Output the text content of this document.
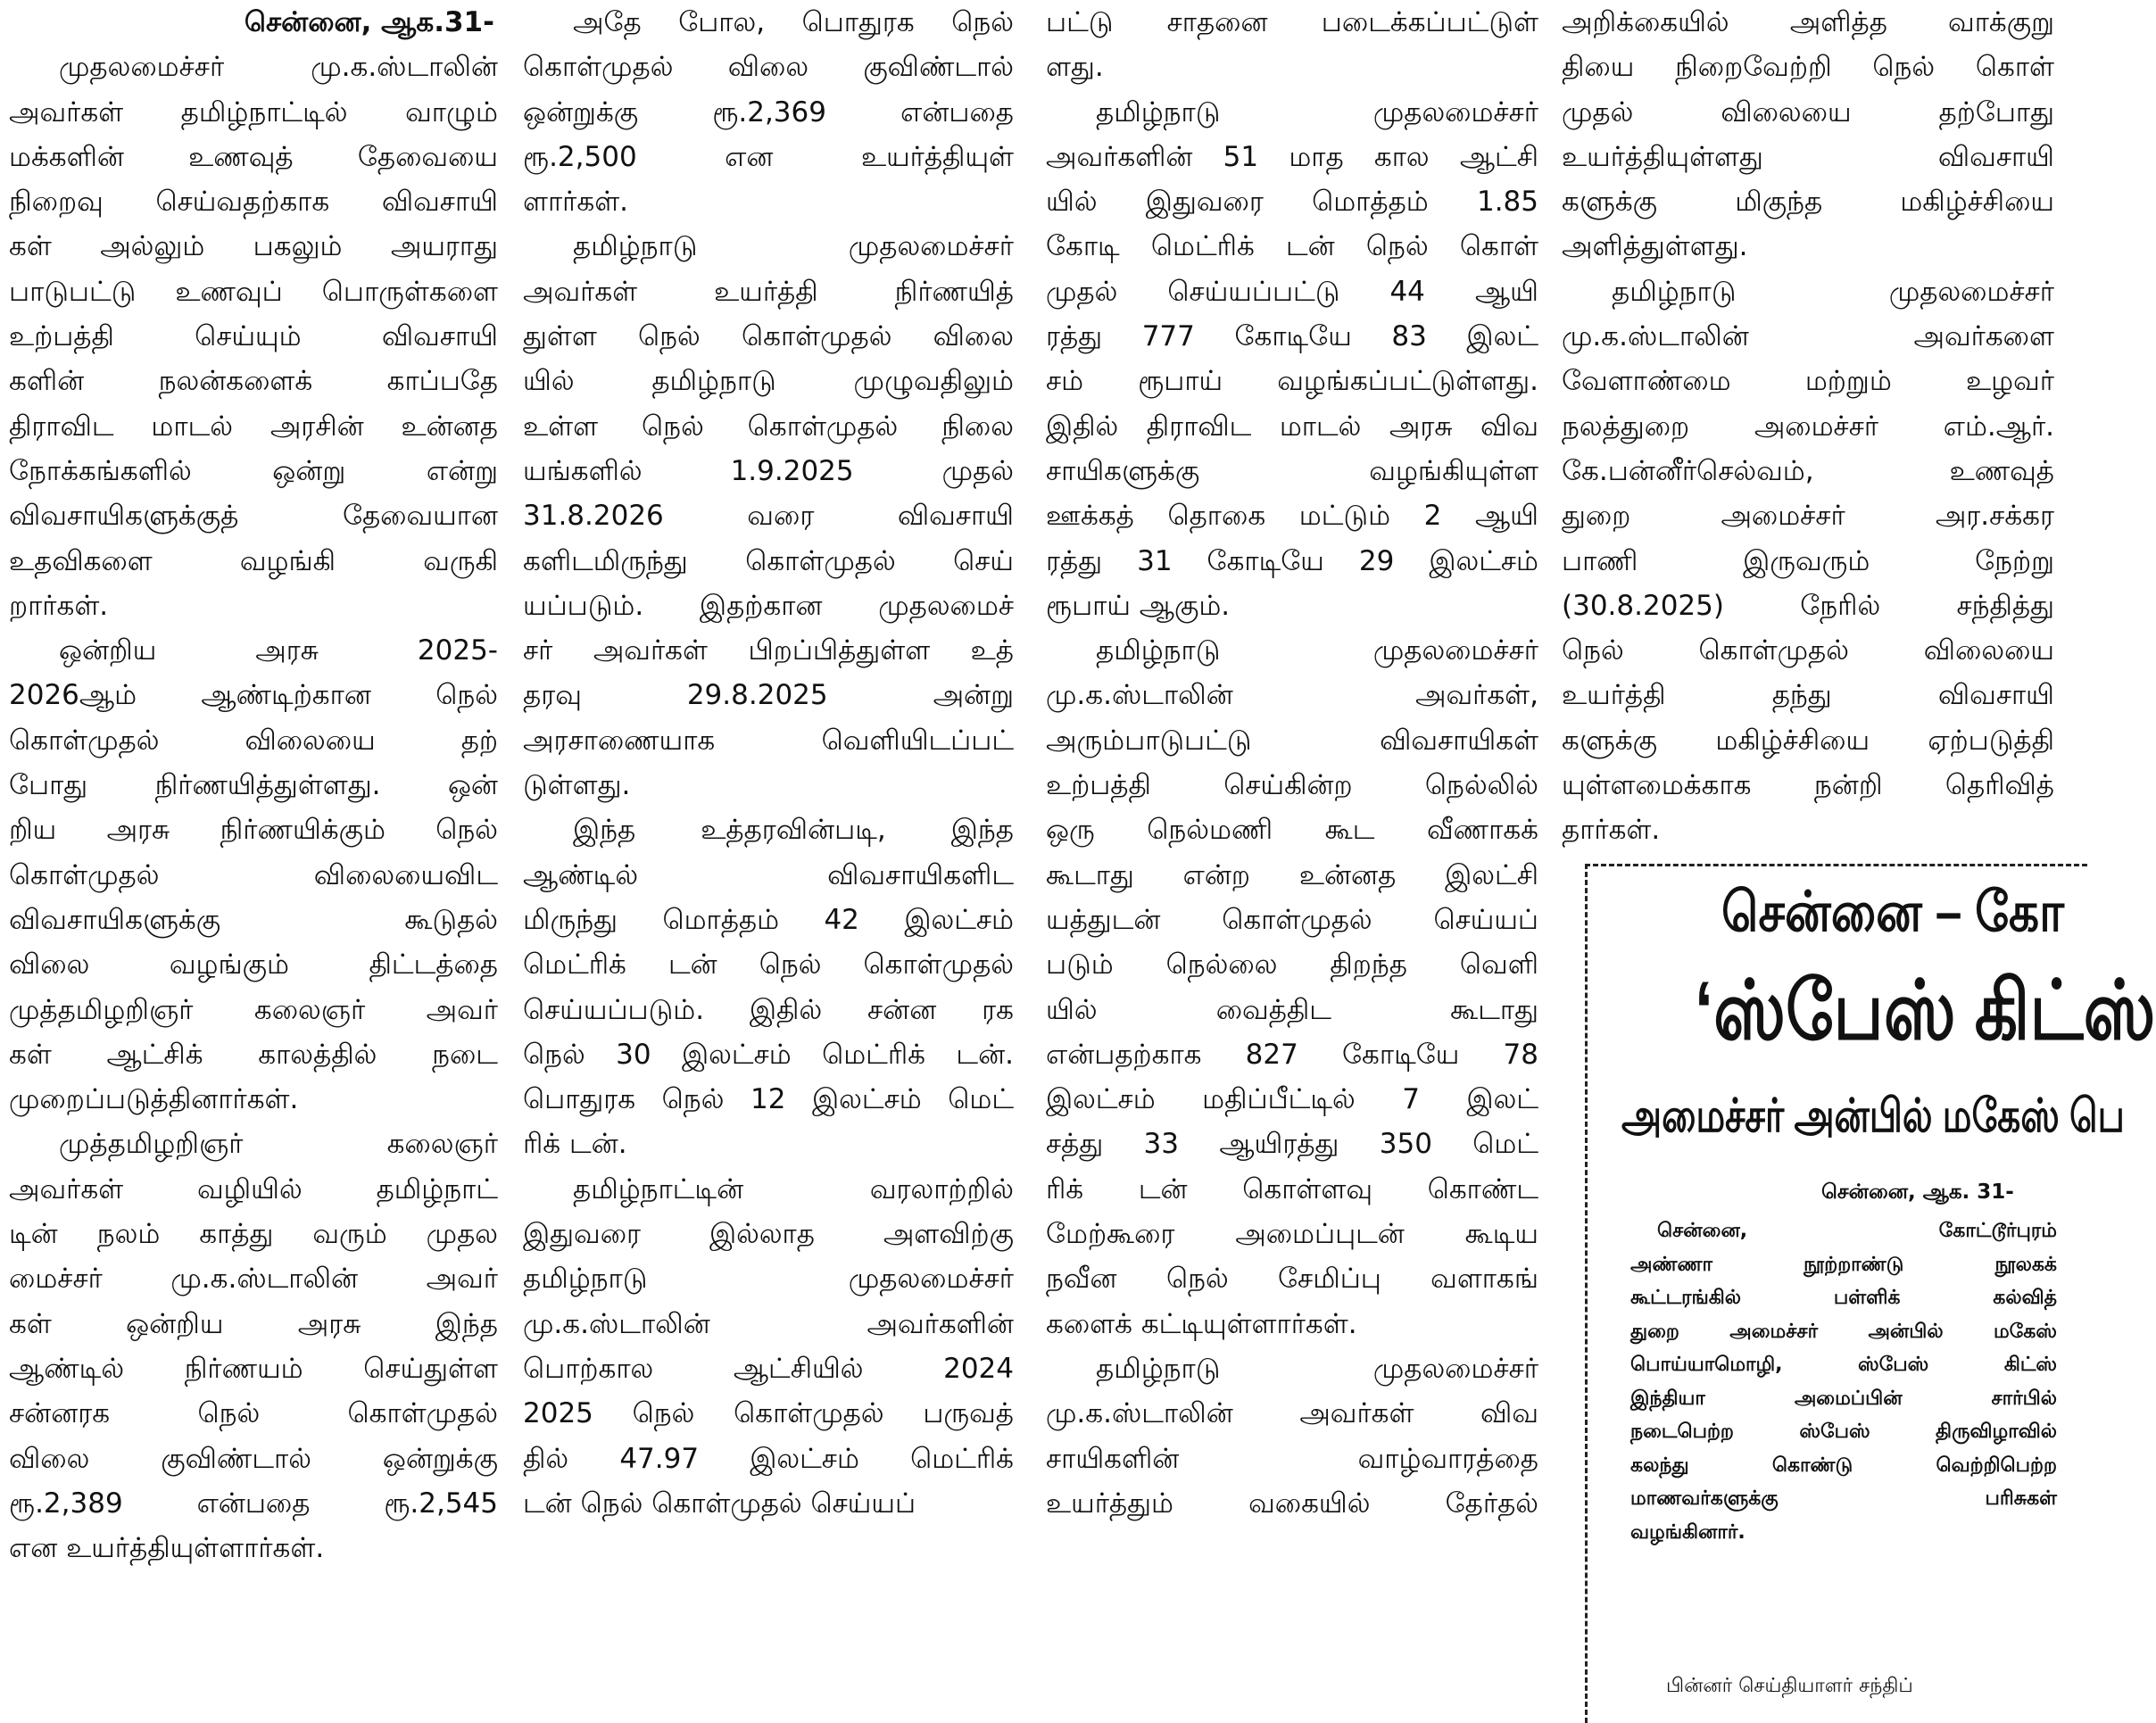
சென்னை, ஆக.31-

முதலமைச்சர் மு.க.ஸ்டாலின்
அவர்கள் தமிழ்நாட்டில் வாழும்
மக்களின் உணவுத் தேவையை
நிறைவு செய்வதற்காக விவசாயி
கள் அல்லும் பகலும் அயராது
பாடுபட்டு உணவுப் பொருள்களை
உற்பத்தி செய்யும் விவசாயி
களின் நலன்களைக் காப்பதே
திராவிட மாடல் அரசின் உன்னத
நோக்கங்களில் ஒன்று என்று
விவசாயிகளுக்குத் தேவையான
உதவிகளை வழங்கி வருகி
றார்கள்.
ஒன்றிய அரசு 2025-
2026ஆம் ஆண்டிற்கான நெல்
கொள்முதல் விலையை தற்
போது நிர்ணயித்துள்ளது. ஒன்
றிய அரசு நிர்ணயிக்கும் நெல்
கொள்முதல் விலையைவிட
விவசாயிகளுக்கு கூடுதல்
விலை வழங்கும் திட்டத்தை
முத்தமிழறிஞர் கலைஞர் அவர்
கள் ஆட்சிக் காலத்தில் நடை
முறைப்படுத்தினார்கள்.
முத்தமிழறிஞர் கலைஞர்
அவர்கள் வழியில் தமிழ்நாட்
டின் நலம் காத்து வரும் முதல
மைச்சர் மு.க.ஸ்டாலின் அவர்
கள் ஒன்றிய அரசு இந்த
ஆண்டில் நிர்ணயம் செய்துள்ள
சன்னரக நெல் கொள்முதல்
விலை குவிண்டால் ஒன்றுக்கு
ரூ.2,389 என்பதை ரூ.2,545
என உயர்த்தியுள்ளார்கள்.
அதே போல, பொதுரக நெல்
கொள்முதல் விலை குவிண்டால்
ஒன்றுக்கு ரூ.2,369 என்பதை
ரூ.2,500 என உயர்த்தியுள்
ளார்கள்.
தமிழ்நாடு முதலமைச்சர்
அவர்கள் உயர்த்தி நிர்ணயித்
துள்ள நெல் கொள்முதல் விலை
யில் தமிழ்நாடு முழுவதிலும்
உள்ள நெல் கொள்முதல் நிலை
யங்களில் 1.9.2025 முதல்
31.8.2026 வரை விவசாயி
களிடமிருந்து கொள்முதல் செய்
யப்படும். இதற்கான முதலமைச்
சர் அவர்கள் பிறப்பித்துள்ள உத்
தரவு 29.8.2025 அன்று
அரசாணையாக வெளியிடப்பட்
டுள்ளது.
இந்த உத்தரவின்படி, இந்த
ஆண்டில் விவசாயிகளிட
மிருந்து மொத்தம் 42 இலட்சம்
மெட்ரிக் டன் நெல் கொள்முதல்
செய்யப்படும். இதில் சன்ன ரக
நெல் 30 இலட்சம் மெட்ரிக் டன்.
பொதுரக நெல் 12 இலட்சம் மெட்
ரிக் டன்.
தமிழ்நாட்டின் வரலாற்றில்
இதுவரை இல்லாத அளவிற்கு
தமிழ்நாடு முதலமைச்சர்
மு.க.ஸ்டாலின் அவர்களின்
பொற்கால ஆட்சியில் 2024
2025 நெல் கொள்முதல் பருவத்
தில் 47.97 இலட்சம் மெட்ரிக்
டன் நெல் கொள்முதல் செய்யப்
பட்டு சாதனை படைக்கப்பட்டுள்
ளது.
தமிழ்நாடு முதலமைச்சர்
அவர்களின் 51 மாத கால ஆட்சி
யில் இதுவரை மொத்தம் 1.85
கோடி மெட்ரிக் டன் நெல் கொள்
முதல் செய்யப்பட்டு 44 ஆயி
ரத்து 777 கோடியே 83 இலட்
சம் ரூபாய் வழங்கப்பட்டுள்ளது.
இதில் திராவிட மாடல் அரசு விவ
சாயிகளுக்கு வழங்கியுள்ள
ஊக்கத் தொகை மட்டும் 2 ஆயி
ரத்து 31 கோடியே 29 இலட்சம்
ரூபாய் ஆகும்.
தமிழ்நாடு முதலமைச்சர்
மு.க.ஸ்டாலின் அவர்கள்,
அரும்பாடுபட்டு விவசாயிகள்
உற்பத்தி செய்கின்ற நெல்லில்
ஒரு நெல்மணி கூட வீணாகக்
கூடாது என்ற உன்னத இலட்சி
யத்துடன் கொள்முதல் செய்யப்
படும் நெல்லை திறந்த வெளி
யில் வைத்திட கூடாது
என்பதற்காக 827 கோடியே 78
இலட்சம் மதிப்பீட்டில் 7 இலட்
சத்து 33 ஆயிரத்து 350 மெட்
ரிக் டன் கொள்ளவு கொண்ட
மேற்கூரை அமைப்புடன் கூடிய
நவீன நெல் சேமிப்பு வளாகங்
களைக் கட்டியுள்ளார்கள்.
தமிழ்நாடு முதலமைச்சர்
மு.க.ஸ்டாலின் அவர்கள் விவ
சாயிகளின் வாழ்வாரத்தை
உயர்த்தும் வகையில் தேர்தல்
அறிக்கையில் அளித்த வாக்குறு
தியை நிறைவேற்றி நெல் கொள்
முதல் விலையை தற்போது
உயர்த்தியுள்ளது விவசாயி
களுக்கு மிகுந்த மகிழ்ச்சியை
அளித்துள்ளது.
தமிழ்நாடு முதலமைச்சர்
மு.க.ஸ்டாலின் அவர்களை
வேளாண்மை மற்றும் உழவர்
நலத்துறை அமைச்சர் எம்.ஆர்.
கே.பன்னீர்செல்வம், உணவுத்
துறை அமைச்சர் அர.சக்கர
பாணி இருவரும் நேற்று
(30.8.2025) நேரில் சந்தித்து
நெல் கொள்முதல் விலையை
உயர்த்தி தந்து விவசாயி
களுக்கு மகிழ்ச்சியை ஏற்படுத்தி
யுள்ளமைக்காக நன்றி தெரிவித்
தார்கள்.
சென்னை – கோ
‘ஸ்பேஸ் கிட்ஸ்
அமைச்சர் அன்பில் மகேஸ் பெ
சென்னை, ஆக. 31-
சென்னை, கோட்டூர்புரம்
அண்ணா நூற்றாண்டு நூலகக்
கூட்டரங்கில் பள்ளிக் கல்வித்
துறை அமைச்சர் அன்பில் மகேஸ்
பொய்யாமொழி, ஸ்பேஸ் கிட்ஸ்
இந்தியா அமைப்பின் சார்பில்
நடைபெற்ற ஸ்பேஸ் திருவிழாவில்
கலந்து கொண்டு வெற்றிபெற்ற
மாணவர்களுக்கு பரிசுகள்
வழங்கினார்.
பின்னர் செய்தியாளர் சந்திப்
